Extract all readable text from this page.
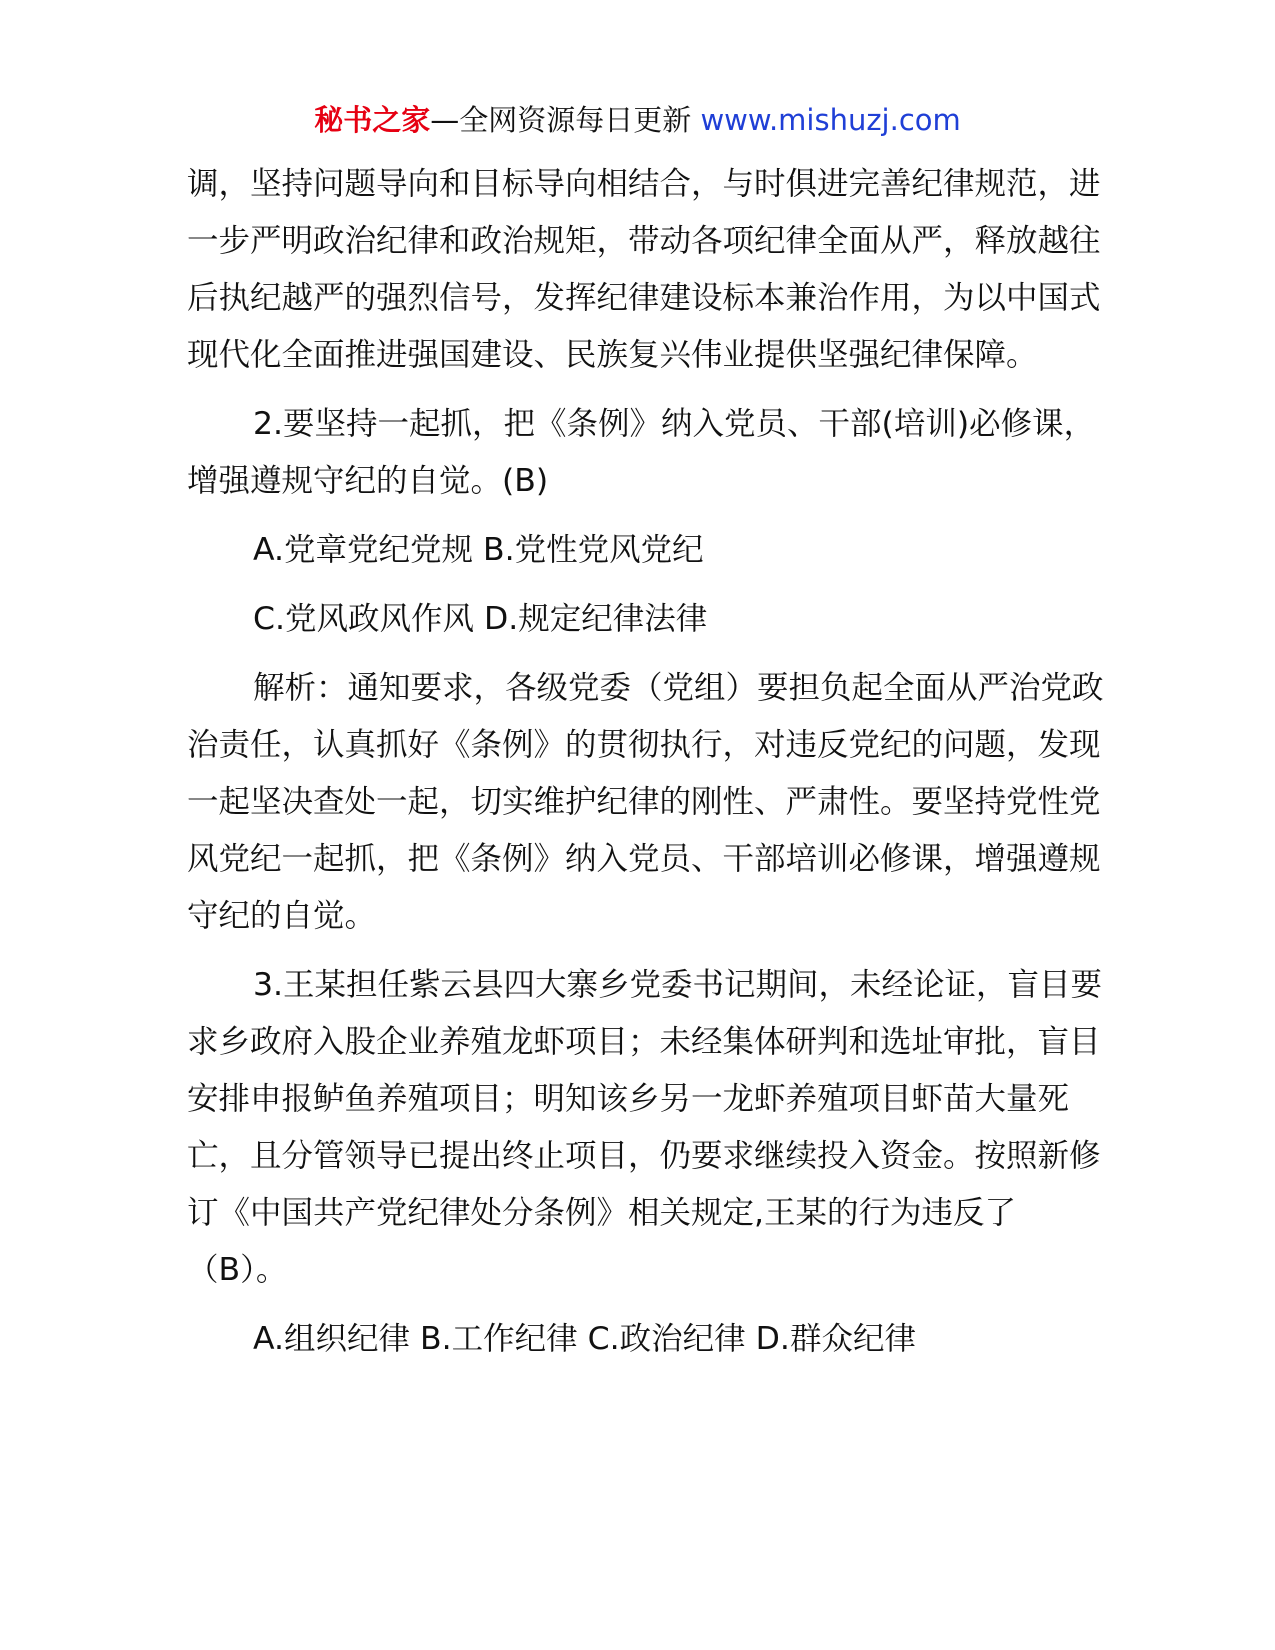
秘书之家—全网资源每日更新 www.mishuzj.com

调，坚持问题导向和目标导向相结合，与时俱进完善纪律规范，进一步严明政治纪律和政治规矩，带动各项纪律全面从严，释放越往后执纪越严的强烈信号，发挥纪律建设标本兼治作用，为以中国式现代化全面推进强国建设、民族复兴伟业提供坚强纪律保障。

2.要坚持一起抓，把《条例》纳入党员、干部(培训)必修课，增强遵规守纪的自觉。(B)

A.党章党纪党规 B.党性党风党纪

C.党风政风作风 D.规定纪律法律

解析：通知要求，各级党委（党组）要担负起全面从严治党政治责任，认真抓好《条例》的贯彻执行，对违反党纪的问题，发现一起坚决查处一起，切实维护纪律的刚性、严肃性。要坚持党性党风党纪一起抓，把《条例》纳入党员、干部培训必修课，增强遵规守纪的自觉。

3.王某担任紫云县四大寨乡党委书记期间，未经论证，盲目要求乡政府入股企业养殖龙虾项目；未经集体研判和选址审批，盲目安排申报鲈鱼养殖项目；明知该乡另一龙虾养殖项目虾苗大量死亡，且分管领导已提出终止项目，仍要求继续投入资金。按照新修订《中国共产党纪律处分条例》相关规定,王某的行为违反了（B）。

A.组织纪律 B.工作纪律 C.政治纪律 D.群众纪律
